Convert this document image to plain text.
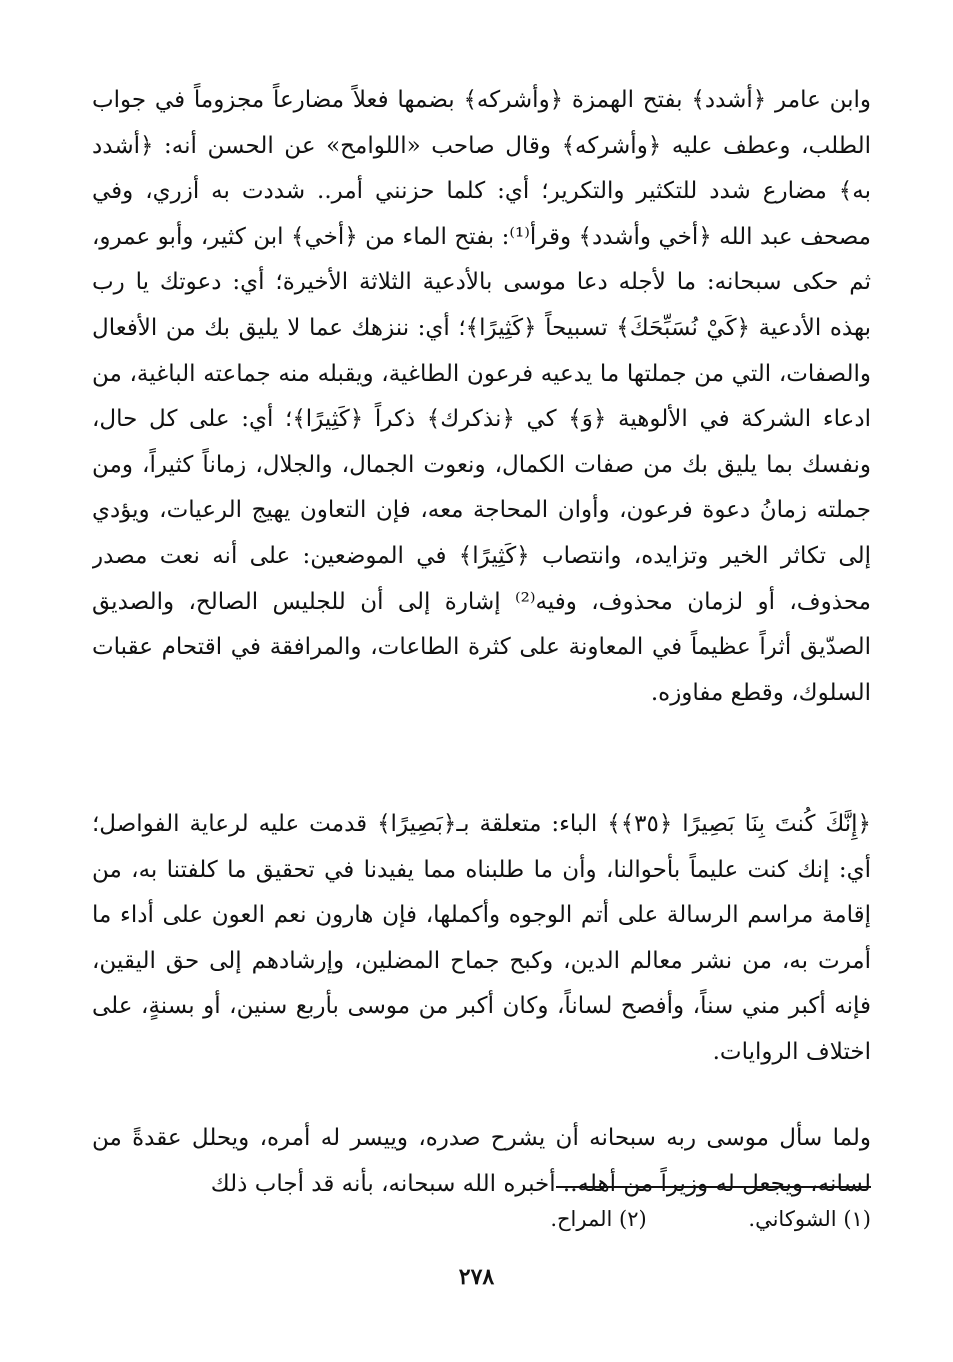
وابن عامر ﴿أشدد﴾ بفتح الهمزة ﴿وأشركه﴾ بضمها فعلاً مضارعاً مجزوماً في جواب الطلب، وعطف عليه ﴿وأشركه﴾ وقال صاحب «اللوامح» عن الحسن أنه: ﴿أشدد به﴾ مضارع شدد للتكثير والتكرير؛ أي: كلما حزنني أمر.. شددت به أزري، وفي مصحف عبد الله ﴿أخي وأشدد﴾ وقرأ⁽¹⁾: بفتح الماء من ﴿أخي﴾ ابن كثير، وأبو عمرو، ثم حكى سبحانه: ما لأجله دعا موسى بالأدعية الثلاثة الأخيرة؛ أي: دعوتك يا رب بهذه الأدعية ﴿كَيْ نُسَبِّحَكَ﴾ تسبيحاً ﴿كَثِيرًا﴾؛ أي: ننزهك عما لا يليق بك من الأفعال والصفات، التي من جملتها ما يدعيه فرعون الطاغية، ويقبله منه جماعته الباغية، من ادعاء الشركة في الألوهية ﴿وَ﴾ كي ﴿نذكرك﴾ ذكراً ﴿كَثِيرًا﴾؛ أي: على كل حال، ونفسك بما يليق بك من صفات الكمال، ونعوت الجمال، والجلال، زماناً كثيراً، ومن جملته زمانُ دعوة فرعون، وأوان المحاجة معه، فإن التعاون يهيج الرعيات، ويؤدي إلى تكاثر الخير وتزايده، وانتصاب ﴿كَثِيرًا﴾ في الموضعين: على أنه نعت مصدر محذوف، أو لزمان محذوف، وفيه⁽²⁾ إشارة إلى أن للجليس الصالح، والصديق الصدّيق أثراً عظيماً في المعاونة على كثرة الطاعات، والمرافقة في اقتحام عقبات السلوك، وقطع مفاوزه.

﴿إِنَّكَ كُنتَ بِنَا بَصِيرًا ﴿٣٥﴾﴾ الباء: متعلقة بـ﴿بَصِيرًا﴾ قدمت عليه لرعاية الفواصل؛ أي: إنك كنت عليماً بأحوالنا، وأن ما طلبناه مما يفيدنا في تحقيق ما كلفتنا به، من إقامة مراسم الرسالة على أتم الوجوه وأكملها، فإن هارون نعم العون على أداء ما أمرت به، من نشر معالم الدين، وكبح جماح المضلين، وإرشادهم إلى حق اليقين، فإنه أكبر مني سناً، وأفصح لساناً، وكان أكبر من موسى بأربع سنين، أو بسنةٍ، على اختلاف الروايات.

ولما سأل موسى ربه سبحانه أن يشرح صدره، وييسر له أمره، ويحلل عقدةً من لسانه، ويجعل له وزيراً من أهله.. أخبره الله سبحانه، بأنه قد أجاب ذلك

(١) الشوكاني. (٢) المراح.
٢٧٨
